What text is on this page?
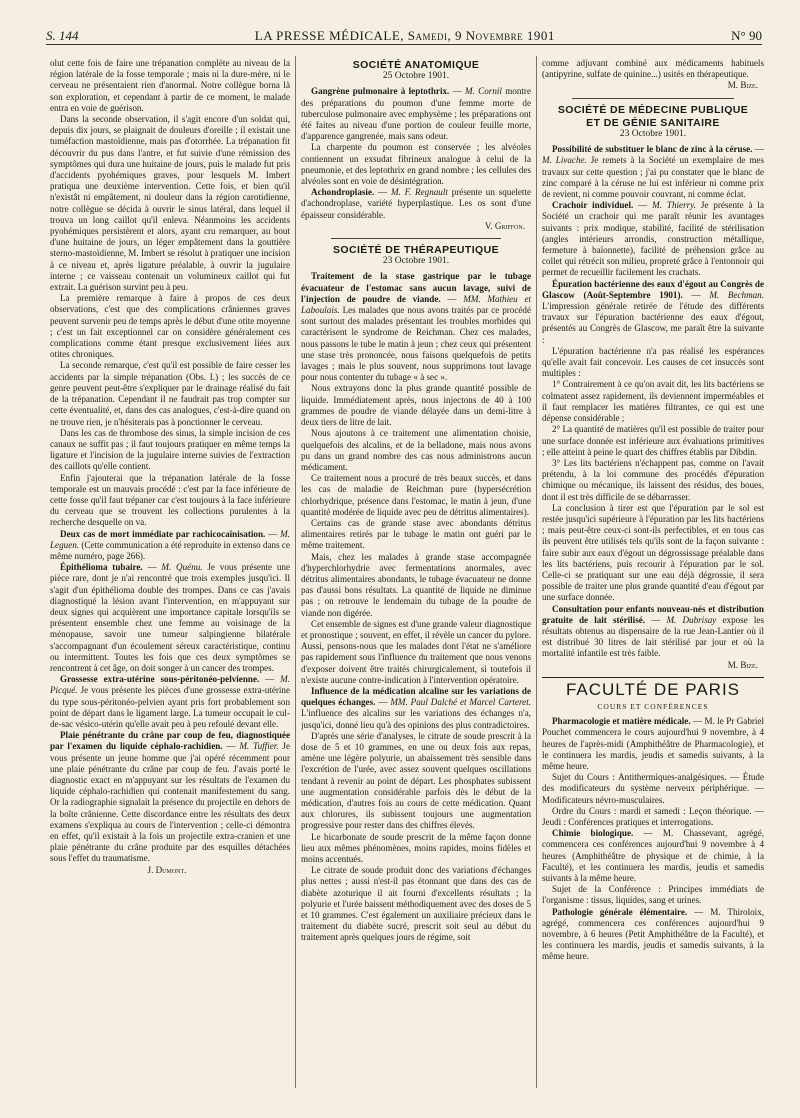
S. 144	LA PRESSE MÉDICALE, Samedi, 9 Novembre 1901	N° 90

olut cette fois de faire une trépanation complète au niveau de la région latérale de la fosse temporale ; mais ni la dure-mère, ni le cerveau ne présentaient rien d'anormal. Notre collègue borna là son exploration, et cependant à partir de ce moment, le malade entra en voie de guérison.

Dans la seconde observation, il s'agit encore d'un soldat qui, depuis dix jours, se plaignait de douleurs d'oreille ; il existait une tuméfaction mastoïdienne, mais pas d'otorrhée. La trépanation fit découvrir du pus dans l'antre, et fut suivie d'une rémission des symptômes qui dura une huitaine de jours, puis le malade fut pris d'accidents pyohémiques graves, pour lesquels M. Imbert pratiqua une deuxième intervention. Cette fois, et bien qu'il n'existât ni empâtement, ni douleur dans la région carotidienne, notre collègue se décida à ouvrir le sinus latéral, dans lequel il trouva un long caillot qu'il enleva. Néanmoins les accidents pyohémiques persistèrent et alors, ayant cru remarquer, au bout d'une huitaine de jours, un léger empâtement dans la gouttière sterno-mastoïdienne, M. Imbert se résolut à pratiquer une incision à ce niveau et, après ligature préalable, à ouvrir la jugulaire interne ; ce vaisseau contenait un volumineux caillot qui fut extrait. La guérison survint peu à peu.

La première remarque à faire à propos de ces deux observations, c'est que des complications crâniennes graves peuvent survenir peu de temps après le début d'une otite moyenne ; c'est un fait exceptionnel car on considère généralement ces complications comme étant presque exclusivement liées aux otites chroniques.

La seconde remarque, c'est qu'il est possible de faire cesser les accidents par la simple trépanation (Obs. I.) ; les succès de ce genre peuvent peut-être s'expliquer par le drainage réalisé du fait de la trépanation. Cependant il ne faudrait pas trop compter sur cette éventualité, et, dans des cas analogues, c'est-à-dire quand on ne trouve rien, je n'hésiterais pas à ponctionner le cerveau.

Dans les cas de thrombose des sinus, la simple incision de ces canaux ne suffit pas ; il faut toujours pratiquer en même temps la ligature et l'incision de la jugulaire interne suivies de l'extraction des caillots qu'elle contient.

Enfin j'ajouterai que la trépanation latérale de la fosse temporale est un mauvais procédé : c'est par la face inférieure de cette fosse qu'il faut trépaner car c'est toujours à la face inférieure du cerveau que se trouvent les collections purulentes à la recherche desquelle on va.

Deux cas de mort immédiate par rachicocaïnisation. — M. Leguen. (Cette communication a été reproduite in extenso dans ce même numéro, page 266).

Épithélioma tubaire. — M. Quénu. Je vous présente une pièce rare, dont je n'ai rencontré que trois exemples jusqu'ici. Il s'agit d'un épithélioma double des trompes. Dans ce cas j'avais diagnostiqué la lésion avant l'intervention, en m'appuyant sur deux signes qui acquièrent une importance capitale lorsqu'ils se présentent ensemble chez une femme au voisinage de la ménopause, savoir une tumeur salpingienne bilatérale s'accompagnant d'un écoulement séreux caractéristique, continu ou intermittent. Toutes les fois que ces deux symptômes se rencontrent à cet âge, on doit songer à un cancer des trompes.

Grossesse extra-utérine sous-péritonéo-pelvienne. — M. Picqué. Je vous présente les pièces d'une grossesse extra-utérine du type sous-péritonéo-pelvien ayant pris fort probablement son point de départ dans le ligament large. La tumeur occupait le cul-de-sac vésico-utérin qu'elle avait peu à peu refoulé devant elle.

Plaie pénétrante du crâne par coup de feu, diagnostiquée par l'examen du liquide céphalo-rachidien. — M. Tuffier. Je vous présente un jeune homme que j'ai opéré récemment pour une plaie pénétrante du crâne par coup de feu. J'avais porté le diagnostic exact en m'appuyant sur les résultats de l'examen du liquide céphalo-rachidien qui contenait manifestement du sang. Or la radiographie signalait la présence du projectile en dehors de la boîte crânienne. Cette discordance entre les résultats des deux examens s'expliqua au cours de l'intervention ; celle-ci démontra en effet, qu'il existait à la fois un projectile extra-cranien et une plaie pénétrante du crâne produite par des esquilles détachées sous l'effet du traumatisme.

J. Dumont.
SOCIÉTÉ ANATOMIQUE
25 Octobre 1901.

Gangrène pulmonaire à leptothrix. — M. Cornil montre des préparations du poumon d'une femme morte de tuberculose pulmonaire avec emphysème ; les préparations ont été faites au niveau d'une portion de couleur feuille morte, d'apparence gangrenée, mais sans odeur.

La charpente du poumon est conservée ; les alvéoles contiennent un exsudat fibrineux analogue à celui de la pneumonie, et des leptothrix en grand nombre ; les cellules des alvéoles sont en voie de désintégration.

Achondroplasie. — M. F. Regnault présente un squelette d'achondroplase, variété hyperplastique. Les os sont d'une épaisseur considérable.

V. Griffon.
SOCIÉTÉ DE THÉRAPEUTIQUE
23 Octobre 1901.

Traitement de la stase gastrique par le tubage évacuateur de l'estomac sans aucun lavage, suivi de l'injection de poudre de viande. — MM. Mathieu et Laboulais. Les malades que nous avons traités par ce procédé sont surtout des malades présentant les troubles morbides qui caractérisent le syndrome de Reichman. Chez ces malades, nous passons le tube le matin à jeun ; chez ceux qui présentent une stase très prononcée, nous faisons quelquefois de petits lavages ; mais le plus souvent, nous supprimons tout lavage pour nous contenter du tubage « à sec ».

Nous extrayons donc la plus grande quantité possible de liquide. Immédiatement après, nous injectons de 40 à 100 grammes de poudre de viande délayée dans un demi-litre à deux tiers de litre de lait.

Nous ajoutons à ce traitement une alimentation choisie, quelquefois des alcalins, et de la belladone, mais nous avons pu dans un grand nombre des cas nous administrons aucun médicament.

Ce traitement nous a procuré de très beaux succès, et dans les cas de maladie de Reichman pure (hypersécrétion chlorhydrique, présence dans l'estomac, le matin à jeun, d'une quantité modérée de liquide avec peu de détritus alimentaires).

Certains cas de grande stase avec abondants détritus alimentaires retirés par le tubage le matin ont guéri par le même traitement.

Mais, chez les malades à grande stase accompagnée d'hyperchlorhydrie avec fermentations anormales, avec détritus alimentaires abondants, le tubage évacuateur ne donne pas d'aussi bons résultats. La quantité de liquide ne diminue pas ; on retrouve le lendemain du tubage de la poudre de viande non digérée.

Cet ensemble de signes est d'une grande valeur diagnostique et pronostique ; souvent, en effet, il révèle un cancer du pylore. Aussi, pensons-nous que les malades dont l'état ne s'améliore pas rapidement sous l'influence du traitement que nous venons d'exposer doivent être traités chirurgicalement, si toutefois il n'existe aucune contre-indication à l'intervention opératoire.

Influence de la médication alcaline sur les variations de quelques échanges. — MM. Paul Dalché et Marcel Carteret. L'influence des alcalins sur les variations des échanges n'a, jusqu'ici, donné lieu qu'à des opinions des plus contradictoires.

D'après une série d'analyses, le citrate de soude prescrit à la dose de 5 et 10 grammes, en une ou deux fois aux repas, amène une légère polyurie, un abaissement très sensible dans l'excrétion de l'urée, avec assez souvent quelques oscillations tendant à revenir au point de départ. Les phosphates subissent une augmentation considérable parfois dès le début de la médication, d'autres fois au cours de cette médication. Quant aux chlorures, ils subissent toujours une augmentation progressive pour rester dans des chiffres élevés.

Le bicarbonate de soude prescrit de la même façon donne lieu aux mêmes phénomènes, moins rapides, moins fidèles et moins accentués.

Le citrate de soude produit donc des variations d'échanges plus nettes ; aussi n'est-il pas étonnant que dans des cas de diabète azoturique il ait fourni d'excellents résultats ; la polyurie et l'urée baissent méthodiquement avec des doses de 5 et 10 grammes. C'est également un auxiliaire précieux dans le traitement du diabète sucré, prescrit soit seul au début du traitement après quelques jours de régime, soit

comme adjuvant combiné aux médicaments habituels (antipyrine, sulfate de quinine...) usités en thérapeutique.

M. Bize.
SOCIÉTÉ DE MÉDECINE PUBLIQUE
ET DE GÉNIE SANITAIRE
23 Octobre 1901.

Possibilité de substituer le blanc de zinc à la céruse. — M. Livache. Je remets à la Société un exemplaire de mes travaux sur cette question ; j'ai pu constater que le blanc de zinc comparé à la céruse ne lui est inférieur ni comme prix de revient, ni comme pouvoir couvrant, ni comme éclat.

Crachoir individuel. — M. Thierry. Je présente à la Société un crachoir qui me paraît réunir les avantages suivants : prix modique, stabilité, facilité de stérilisation (angles intérieurs arrondis, construction métallique, fermeture à baïonnette), facilité de préhension grâce au collet qui rétrécit son milieu, propreté grâce à l'entonnoir qui permet de recueillir facilement les crachats.

Épuration bactérienne des eaux d'égout au Congrès de Glascow (Août-Septembre 1901). — M. Bechman. L'impression générale retirée de l'étude des différents travaux sur l'épuration bactérienne des eaux d'égout, présentés au Congrès de Glascow, me paraît être la suivante :

L'épuration bactérienne n'a pas réalisé les espérances qu'elle avait fait concevoir. Les causes de cet insuccès sont multiples :

1° Contrairement à ce qu'on avait dit, les lits bactériens se colmatent assez rapidement, ils deviennent imperméables et il faut remplacer les matières filtrantes, ce qui est une dépense considérable ;

2° La quantité de matières qu'il est possible de traiter pour une surface donnée est inférieure aux évaluations primitives ; elle atteint à peine le quart des chiffres établis par Dibdin.

3° Les lits bactériens n'échappent pas, comme on l'avait prétendu, à la loi commune des procédés d'épuration chimique ou mécanique, ils laissent des résidus, des boues, dont il est très difficile de se débarrasser.

La conclusion à tirer est que l'épuration par le sol est restée jusqu'ici supérieure à l'épuration par les lits bactériens ; mais peut-être ceux-ci sont-ils perfectibles, et en tous cas ils peuvent être utilisés tels qu'ils sont de la façon suivante : faire subir aux eaux d'égout un dégrossissage préalable dans les lits bactériens, puis recourir à l'épuration par le sol. Celle-ci se pratiquant sur une eau déjà dégrossie, il sera possible de traiter une plus grande quantité d'eau d'égout par une surface donnée.

Consultation pour enfants nouveau-nés et distribution gratuite de lait stérilisé. — M. Dubrisay expose les résultats obtenus au dispensaire de la rue Jean-Lantier où il est distribué 30 litres de lait stérilisé par jour et où la mortalité infantile est très faible.

M. Bize.
FACULTÉ DE PARIS
COURS ET CONFÉRENCES

Pharmacologie et matière médicale. — M. le Pr Gabriel Pouchet commencera le cours aujourd'hui 9 novembre, à 4 heures de l'après-midi (Amphithéâtre de Pharmacologie), et le continuera les mardis, jeudis et samedis suivants, à la même heure.

Sujet du Cours : Antithermiques-analgésiques. — Étude des modificateurs du système nerveux périphérique. — Modificateurs névro-musculaires.

Ordre du Cours : mardi et samedi : Leçon théorique. — Jeudi : Conférences pratiques et interrogations.

Chimie biologique. — M. Chassevant, agrégé, commencera ces conférences aujourd'hui 9 novembre à 4 heures (Amphithéâtre de physique et de chimie, à la Faculté), et les continuera les mardis, jeudis et samedis suivants à la même heure.

Sujet de la Conférence : Principes immédiats de l'organisme : tissus, liquides, sang et urines.

Pathologie générale élémentaire. — M. Thiroloix, agrégé, commencera ces conférences aujourd'hui 9 novembre, à 6 heures (Petit Amphithéâtre de la Faculté), et les continuera les mardis, jeudis et samedis suivants, à la même heure.
